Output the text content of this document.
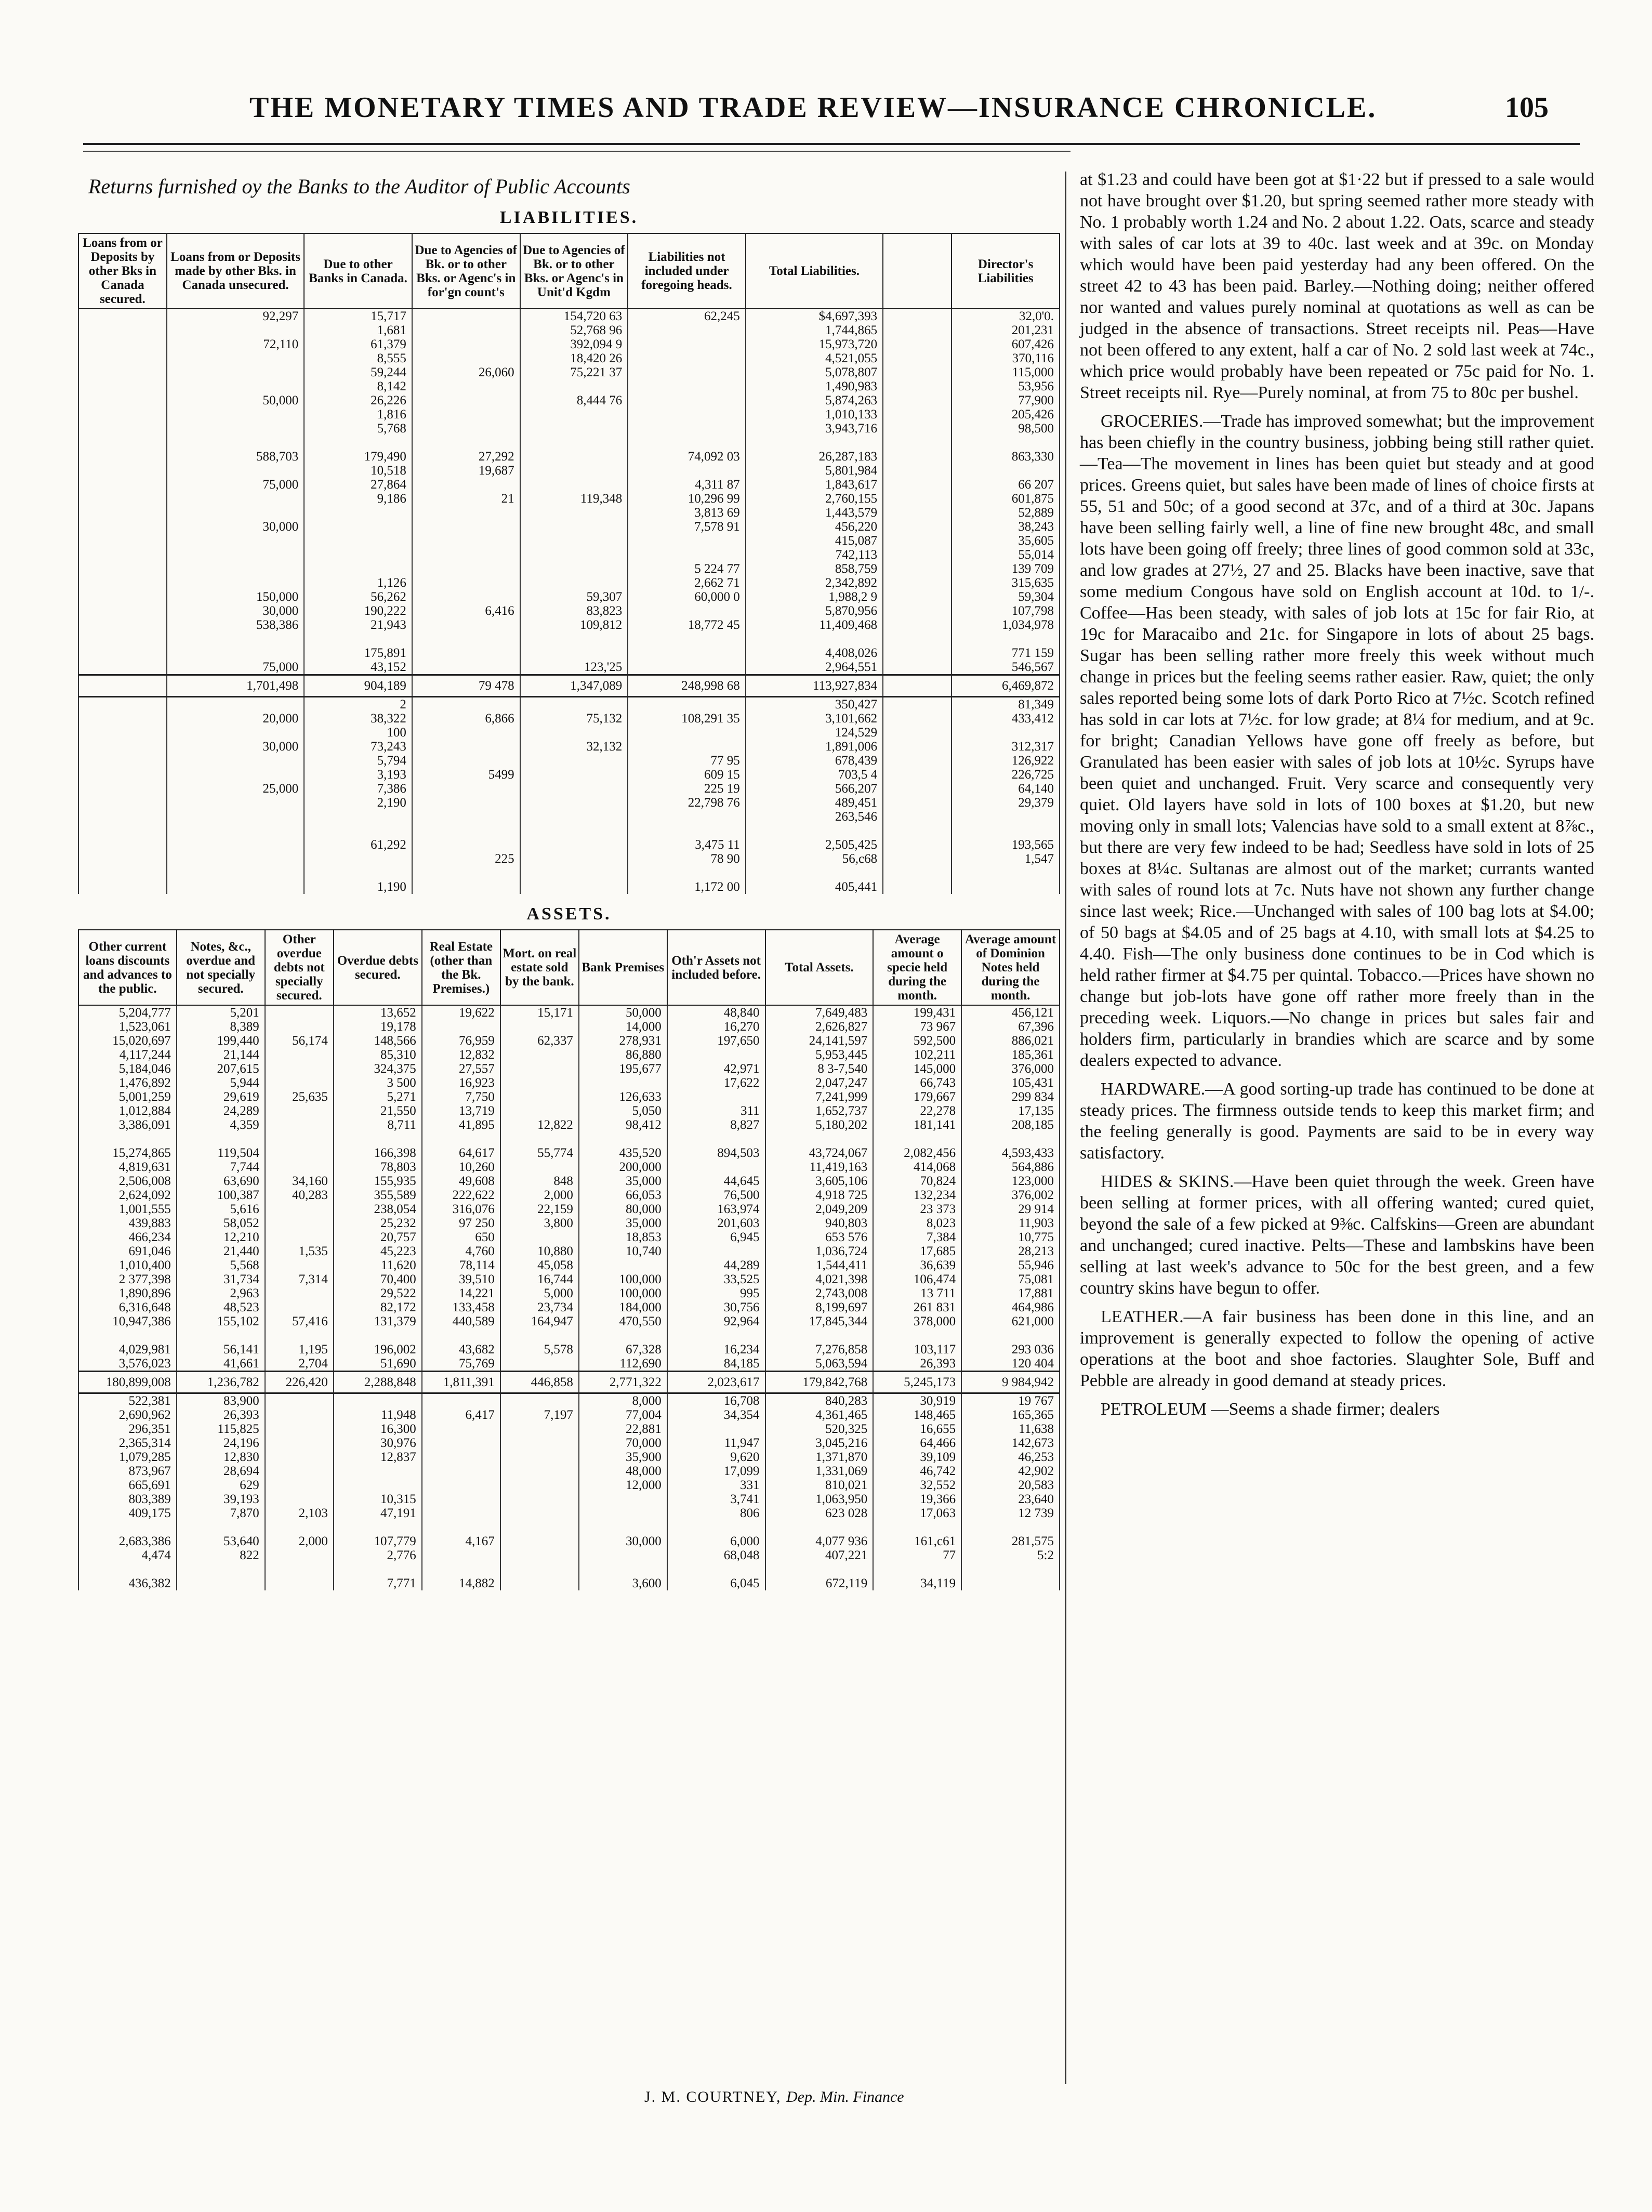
THE MONETARY TIMES AND TRADE REVIEW—INSURANCE CHRONICLE.	105
Returns furnished oy the Banks to the Auditor of Public Accounts
LIABILITIES.
Loans from or Deposits by other Bks in Canada secured.	Loans from or Deposits made by other Bks. in Canada unsecured.	Due to other Banks in Canada.	Due to Agencies of Bk. or to other Bks. or Agenc's in for'gn count's	Due to Agencies of Bk. or to other Bks. or Agenc's in Unit'd Kgdm	Liabilities not included under foregoing heads.	Total Liabilities.		Director's Liabilities
	92,297	15,717		154,720 63	62,245	$4,697,393		32,0'0.
		1,681		52,768 96		1,744,865		201,231
	72,110	61,379		392,094 9		15,973,720		607,426
		8,555		18,420 26		4,521,055		370,116
		59,244	26,060	75,221 37		5,078,807		115,000
		8,142				1,490,983		53,956
	50,000	26,226		8,444 76		5,874,263		77,900
		1,816				1,010,133		205,426
		5,768				3,943,716		98,500

	588,703	179,490	27,292		74,092 03	26,287,183		863,330
		10,518	19,687			5,801,984		
	75,000	27,864			4,311 87	1,843,617		66 207
		9,186	21	119,348	10,296 99	2,760,155		601,875
					3,813 69	1,443,579		52,889
	30,000				7,578 91	456,220		38,243
						415,087		35,605
						742,113		55,014
					5 224 77	858,759		139 709
		1,126			2,662 71	2,342,892		315,635
	150,000	56,262		59,307	60,000 0	1,988,2 9		59,304
	30,000	190,222	6,416	83,823		5,870,956		107,798
	538,386	21,943		109,812	18,772 45	11,409,468		1,034,978

		175,891				4,408,026		771 159
	75,000	43,152		123,'25		2,964,551		546,567
	1,701,498	904,189	79 478	1,347,089	248,998 68	113,927,834		6,469,872
		2				350,427		81,349
	20,000	38,322	6,866	75,132	108,291 35	3,101,662		433,412
		100				124,529		
	30,000	73,243		32,132		1,891,006		312,317
		5,794			77 95	678,439		126,922
		3,193	5499		609 15	703,5 4		226,725
	25,000	7,386			225 19	566,207		64,140
		2,190			22,798 76	489,451		29,379
						263,546		

		61,292			3,475 11	2,505,425		193,565
			225		78 90	56,c68		1,547

		1,190			1,172 00	405,441		
ASSETS.
Other current loans discounts and advances to the public.	Notes, &c., overdue and not specially secured.	Other overdue debts not specially secured.	Overdue debts secured.	Real Estate (other than the Bk. Premises.)	Mort. on real estate sold by the bank.	Bank Premises	Oth'r Assets not included before.	Total Assets.	Average amount o specie held during the month.	Average amount of Dominion Notes held during the month.
5,204,777	5,201		13,652	19,622	15,171	50,000	48,840	7,649,483	199,431	456,121
1,523,061	8,389		19,178			14,000	16,270	2,626,827	73 967	67,396
15,020,697	199,440	56,174	148,566	76,959	62,337	278,931	197,650	24,141,597	592,500	886,021
4,117,244	21,144		85,310	12,832		86,880		5,953,445	102,211	185,361
5,184,046	207,615		324,375	27,557		195,677	42,971	8 3-7,540	145,000	376,000
1,476,892	5,944		3 500	16,923			17,622	2,047,247	66,743	105,431
5,001,259	29,619	25,635	5,271	7,750		126,633		7,241,999	179,667	299 834
1,012,884	24,289		21,550	13,719		5,050	311	1,652,737	22,278	17,135
3,386,091	4,359		8,711	41,895	12,822	98,412	8,827	5,180,202	181,141	208,185

15,274,865	119,504		166,398	64,617	55,774	435,520	894,503	43,724,067	2,082,456	4,593,433
4,819,631	7,744		78,803	10,260		200,000		11,419,163	414,068	564,886
2,506,008	63,690	34,160	155,935	49,608	848	35,000	44,645	3,605,106	70,824	123,000
2,624,092	100,387	40,283	355,589	222,622	2,000	66,053	76,500	4,918 725	132,234	376,002
1,001,555	5,616		238,054	316,076	22,159	80,000	163,974	2,049,209	23 373	29 914
439,883	58,052		25,232	97 250	3,800	35,000	201,603	940,803	8,023	11,903
466,234	12,210		20,757	650		18,853	6,945	653 576	7,384	10,775
691,046	21,440	1,535	45,223	4,760	10,880	10,740		1,036,724	17,685	28,213
1,010,400	5,568		11,620	78,114	45,058		44,289	1,544,411	36,639	55,946
2 377,398	31,734	7,314	70,400	39,510	16,744	100,000	33,525	4,021,398	106,474	75,081
1,890,896	2,963		29,522	14,221	5,000	100,000	995	2,743,008	13 711	17,881
6,316,648	48,523		82,172	133,458	23,734	184,000	30,756	8,199,697	261 831	464,986
10,947,386	155,102	57,416	131,379	440,589	164,947	470,550	92,964	17,845,344	378,000	621,000

4,029,981	56,141	1,195	196,002	43,682	5,578	67,328	16,234	7,276,858	103,117	293 036
3,576,023	41,661	2,704	51,690	75,769		112,690	84,185	5,063,594	26,393	120 404
180,899,008	1,236,782	226,420	2,288,848	1,811,391	446,858	2,771,322	2,023,617	179,842,768	5,245,173	9 984,942
522,381	83,900					8,000	16,708	840,283	30,919	19 767
2,690,962	26,393		11,948	6,417	7,197	77,004	34,354	4,361,465	148,465	165,365
296,351	115,825		16,300			22,881		520,325	16,655	11,638
2,365,314	24,196		30,976			70,000	11,947	3,045,216	64,466	142,673
1,079,285	12,830		12,837			35,900	9,620	1,371,870	39,109	46,253
873,967	28,694					48,000	17,099	1,331,069	46,742	42,902
665,691	629					12,000	331	810,021	32,552	20,583
803,389	39,193		10,315				3,741	1,063,950	19,366	23,640
409,175	7,870	2,103	47,191				806	623 028	17,063	12 739

2,683,386	53,640	2,000	107,779	4,167		30,000	6,000	4,077 936	161,c61	281,575
4,474	822		2,776				68,048	407,221	77	5:2

436,382			7,771	14,882		3,600	6,045	672,119	34,119	
J. M. COURTNEY, Dep. Min. Finance

at $1.23 and could have been got at $1·22 but if pressed to a sale would not have brought over $1.20, but spring seemed rather more steady with No. 1 probably worth 1.24 and No. 2 about 1.22. Oats, scarce and steady with sales of car lots at 39 to 40c. last week and at 39c. on Monday which would have been paid yesterday had any been offered. On the street 42 to 43 has been paid. Barley.—Nothing doing; neither offered nor wanted and values purely nominal at quotations as well as can be judged in the absence of transactions. Street receipts nil. Peas—Have not been offered to any extent, half a car of No. 2 sold last week at 74c., which price would probably have been repeated or 75c paid for No. 1. Street receipts nil. Rye—Purely nominal, at from 75 to 80c per bushel.

GROCERIES.—Trade has improved somewhat; but the improvement has been chiefly in the country business, jobbing being still rather quiet.—Tea—The movement in lines has been quiet but steady and at good prices. Greens quiet, but sales have been made of lines of choice firsts at 55, 51 and 50c; of a good second at 37c, and of a third at 30c. Japans have been selling fairly well, a line of fine new brought 48c, and small lots have been going off freely; three lines of good common sold at 33c, and low grades at 27½, 27 and 25. Blacks have been inactive, save that some medium Congous have sold on English account at 10d. to 1/-. Coffee—Has been steady, with sales of job lots at 15c for fair Rio, at 19c for Maracaibo and 21c. for Singapore in lots of about 25 bags. Sugar has been selling rather more freely this week without much change in prices but the feeling seems rather easier. Raw, quiet; the only sales reported being some lots of dark Porto Rico at 7½c. Scotch refined has sold in car lots at 7½c. for low grade; at 8¼ for medium, and at 9c. for bright; Canadian Yellows have gone off freely as before, but Granulated has been easier with sales of job lots at 10½c. Syrups have been quiet and unchanged. Fruit. Very scarce and consequently very quiet. Old layers have sold in lots of 100 boxes at $1.20, but new moving only in small lots; Valencias have sold to a small extent at 8⅞c., but there are very few indeed to be had; Seedless have sold in lots of 25 boxes at 8¼c. Sultanas are almost out of the market; currants wanted with sales of round lots at 7c. Nuts have not shown any further change since last week; Rice.—Unchanged with sales of 100 bag lots at $4.00; of 50 bags at $4.05 and of 25 bags at 4.10, with small lots at $4.25 to 4.40. Fish—The only business done continues to be in Cod which is held rather firmer at $4.75 per quintal. Tobacco.—Prices have shown no change but job-lots have gone off rather more freely than in the preceding week. Liquors.—No change in prices but sales fair and holders firm, particularly in brandies which are scarce and by some dealers expected to advance.

HARDWARE.—A good sorting-up trade has continued to be done at steady prices. The firmness outside tends to keep this market firm; and the feeling generally is good. Payments are said to be in every way satisfactory.

HIDES & SKINS.—Have been quiet through the week. Green have been selling at former prices, with all offering wanted; cured quiet, beyond the sale of a few picked at 9⅜c. Calfskins—Green are abundant and unchanged; cured inactive. Pelts—These and lambskins have been selling at last week's advance to 50c for the best green, and a few country skins have begun to offer.

LEATHER.—A fair business has been done in this line, and an improvement is generally expected to follow the opening of active operations at the boot and shoe factories. Slaughter Sole, Buff and Pebble are already in good demand at steady prices.

PETROLEUM —Seems a shade firmer; dealers
